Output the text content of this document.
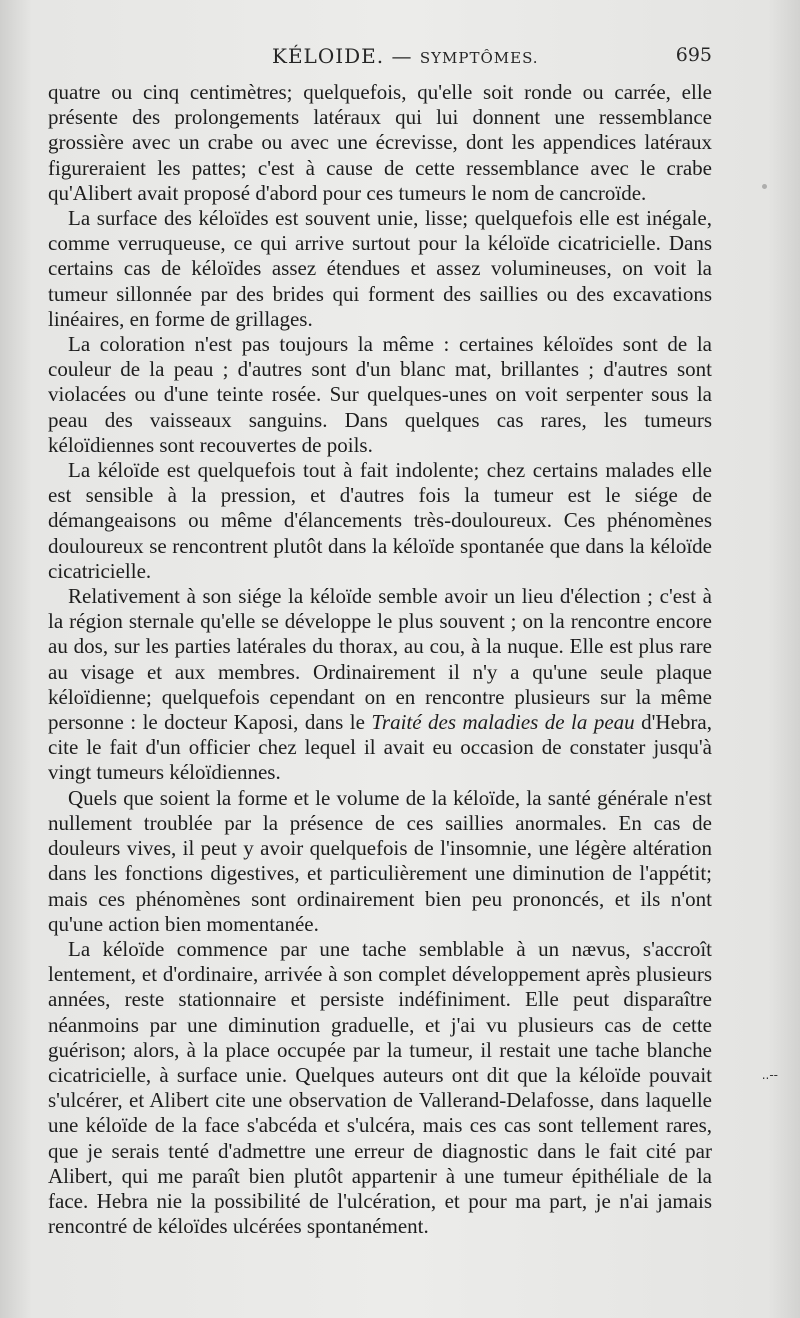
KÉLOIDE. — SYMPTÔMES.	695

quatre ou cinq centimètres; quelquefois, qu'elle soit ronde ou carrée, elle présente des prolongements latéraux qui lui donnent une ressemblance grossière avec un crabe ou avec une écrevisse, dont les appendices latéraux figureraient les pattes; c'est à cause de cette ressemblance avec le crabe qu'Alibert avait proposé d'abord pour ces tumeurs le nom de cancroïde.

La surface des kéloïdes est souvent unie, lisse; quelquefois elle est inégale, comme verruqueuse, ce qui arrive surtout pour la kéloïde cicatricielle. Dans certains cas de kéloïdes assez étendues et assez volumineuses, on voit la tumeur sillonnée par des brides qui forment des saillies ou des excavations linéaires, en forme de grillages.

La coloration n'est pas toujours la même : certaines kéloïdes sont de la couleur de la peau ; d'autres sont d'un blanc mat, brillantes ; d'autres sont violacées ou d'une teinte rosée. Sur quelques-unes on voit serpenter sous la peau des vaisseaux sanguins. Dans quelques cas rares, les tumeurs kéloïdiennes sont recouvertes de poils.

La kéloïde est quelquefois tout à fait indolente; chez certains malades elle est sensible à la pression, et d'autres fois la tumeur est le siége de démangeaisons ou même d'élancements très-douloureux. Ces phénomènes douloureux se rencontrent plutôt dans la kéloïde spontanée que dans la kéloïde cicatricielle.

Relativement à son siége la kéloïde semble avoir un lieu d'élection ; c'est à la région sternale qu'elle se développe le plus souvent ; on la rencontre encore au dos, sur les parties latérales du thorax, au cou, à la nuque. Elle est plus rare au visage et aux membres. Ordinairement il n'y a qu'une seule plaque kéloïdienne; quelquefois cependant on en rencontre plusieurs sur la même personne : le docteur Kaposi, dans le Traité des maladies de la peau d'Hebra, cite le fait d'un officier chez lequel il avait eu occasion de constater jusqu'à vingt tumeurs kéloïdiennes.

Quels que soient la forme et le volume de la kéloïde, la santé générale n'est nullement troublée par la présence de ces saillies anormales. En cas de douleurs vives, il peut y avoir quelquefois de l'insomnie, une légère altération dans les fonctions digestives, et particulièrement une diminution de l'appétit; mais ces phénomènes sont ordinairement bien peu prononcés, et ils n'ont qu'une action bien momentanée.

La kéloïde commence par une tache semblable à un nævus, s'accroît lentement, et d'ordinaire, arrivée à son complet développement après plusieurs années, reste stationnaire et persiste indéfiniment. Elle peut disparaître néanmoins par une diminution graduelle, et j'ai vu plusieurs cas de cette guérison; alors, à la place occupée par la tumeur, il restait une tache blanche cicatricielle, à surface unie. Quelques auteurs ont dit que la kéloïde pouvait s'ulcérer, et Alibert cite une observation de Vallerand-Delafosse, dans laquelle une kéloïde de la face s'abcéda et s'ulcéra, mais ces cas sont tellement rares, que je serais tenté d'admettre une erreur de diagnostic dans le fait cité par Alibert, qui me paraît bien plutôt appartenir à une tumeur épithéliale de la face. Hebra nie la possibilité de l'ulcération, et pour ma part, je n'ai jamais rencontré de kéloïdes ulcérées spontanément.

..--
